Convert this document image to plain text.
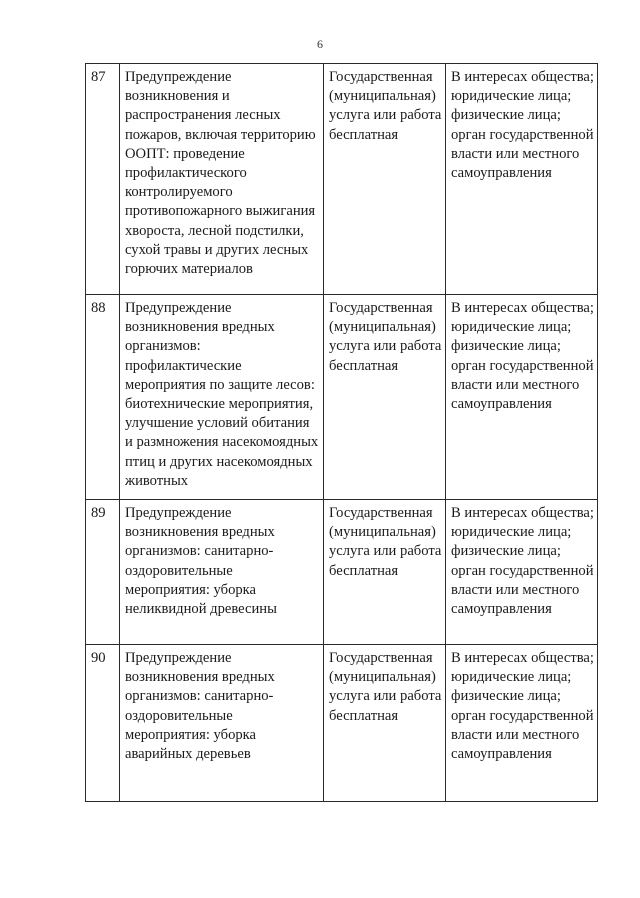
6
87	Предупреждение возникновения и распространения лесных пожаров, включая территорию ООПТ: проведение профилактического контролируемого противопожарного выжигания хвороста, лесной подстилки, сухой травы и других лесных горючих материалов	Государственная (муниципальная) услуга или работа бесплатная	В интересах общества; юридические лица; физические лица; орган государственной власти или местного самоуправления
88	Предупреждение возникновения вредных организмов: профилактические мероприятия по защите лесов: биотехнические мероприятия, улучшение условий обитания и размножения насекомоядных птиц и других насекомоядных животных	Государственная (муниципальная) услуга или работа бесплатная	В интересах общества; юридические лица; физические лица; орган государственной власти или местного самоуправления
89	Предупреждение возникновения вредных организмов: санитарно-оздоровительные мероприятия: уборка неликвидной древесины	Государственная (муниципальная) услуга или работа бесплатная	В интересах общества; юридические лица; физические лица; орган государственной власти или местного самоуправления
90	Предупреждение возникновения вредных организмов: санитарно-оздоровительные мероприятия: уборка аварийных деревьев	Государственная (муниципальная) услуга или работа бесплатная	В интересах общества; юридические лица; физические лица; орган государственной власти или местного самоуправления
